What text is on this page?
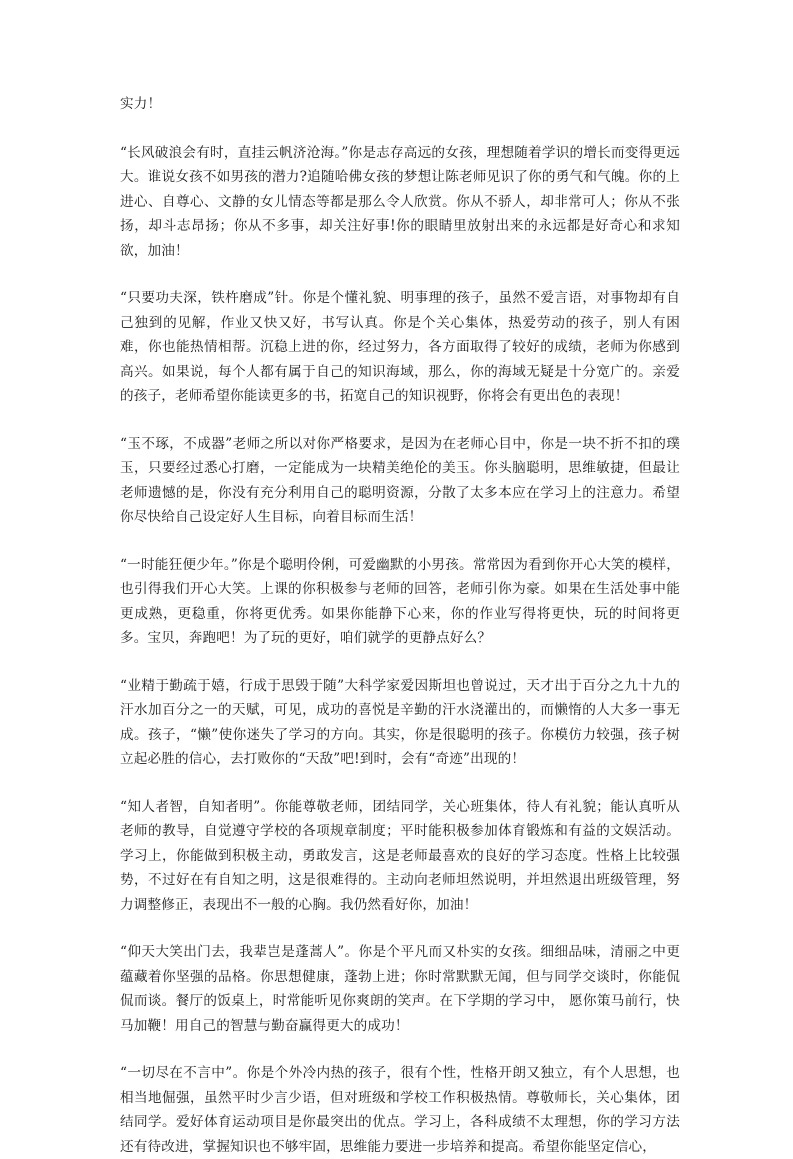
实力！

“长风破浪会有时，直挂云帆济沧海。”你是志存高远的女孩，理想随着学识的增长而变得更远大。谁说女孩不如男孩的潜力?追随哈佛女孩的梦想让陈老师见识了你的勇气和气魄。你的上进心、自尊心、文静的女儿情态等都是那么令人欣赏。你从不骄人，却非常可人；你从不张扬，却斗志昂扬；你从不多事，却关注好事!你的眼睛里放射出来的永远都是好奇心和求知欲，加油！

“只要功夫深，铁杵磨成”针。你是个懂礼貌、明事理的孩子，虽然不爱言语，对事物却有自己独到的见解，作业又快又好，书写认真。你是个关心集体，热爱劳动的孩子，别人有困难，你也能热情相帮。沉稳上进的你，经过努力，各方面取得了较好的成绩，老师为你感到高兴。如果说，每个人都有属于自己的知识海域，那么，你的海域无疑是十分宽广的。亲爱的孩子，老师希望你能读更多的书，拓宽自己的知识视野，你将会有更出色的表现！

“玉不琢，不成器”老师之所以对你严格要求，是因为在老师心目中，你是一块不折不扣的璞玉，只要经过悉心打磨，一定能成为一块精美绝伦的美玉。你头脑聪明，思维敏捷，但最让老师遗憾的是，你没有充分利用自己的聪明资源，分散了太多本应在学习上的注意力。希望你尽快给自己设定好人生目标，向着目标而生活！

“一时能狂便少年。”你是个聪明伶俐，可爱幽默的小男孩。常常因为看到你开心大笑的模样，也引得我们开心大笑。上课的你积极参与老师的回答，老师引你为豪。如果在生活处事中能更成熟，更稳重，你将更优秀。如果你能静下心来，你的作业写得将更快，玩的时间将更多。宝贝，奔跑吧！为了玩的更好，咱们就学的更静点好么？

“业精于勤疏于嬉，行成于思毁于随”大科学家爱因斯坦也曾说过，天才出于百分之九十九的汗水加百分之一的天赋，可见，成功的喜悦是辛勤的汗水浇灌出的，而懒惰的人大多一事无成。孩子，“懒”使你迷失了学习的方向。其实，你是很聪明的孩子。你模仿力较强，孩子树立起必胜的信心，去打败你的“天敌”吧!到时，会有“奇迹”出现的！

“知人者智，自知者明”。你能尊敬老师，团结同学，关心班集体，待人有礼貌；能认真听从老师的教导，自觉遵守学校的各项规章制度；平时能积极参加体育锻炼和有益的文娱活动。学习上，你能做到积极主动，勇敢发言，这是老师最喜欢的良好的学习态度。性格上比较强势，不过好在有自知之明，这是很难得的。主动向老师坦然说明，并坦然退出班级管理，努力调整修正，表现出不一般的心胸。我仍然看好你，加油！

“仰天大笑出门去，我辈岂是蓬蒿人”。你是个平凡而又朴实的女孩。细细品味，清丽之中更蕴藏着你坚强的品格。你思想健康，蓬勃上进；你时常默默无闻，但与同学交谈时，你能侃侃而谈。餐厅的饭桌上，时常能听见你爽朗的笑声。在下学期的学习中， 愿你策马前行，快马加鞭！用自己的智慧与勤奋赢得更大的成功！

“一切尽在不言中”。你是个外冷内热的孩子，很有个性，性格开朗又独立，有个人思想，也相当地倔强，虽然平时少言少语，但对班级和学校工作积极热情。尊敬师长，关心集体，团结同学。爱好体育运动项目是你最突出的优点。学习上，各科成绩不太理想，你的学习方法还有待改进，掌握知识也不够牢固，思维能力要进一步培养和提高。希望你能坚定信心，
